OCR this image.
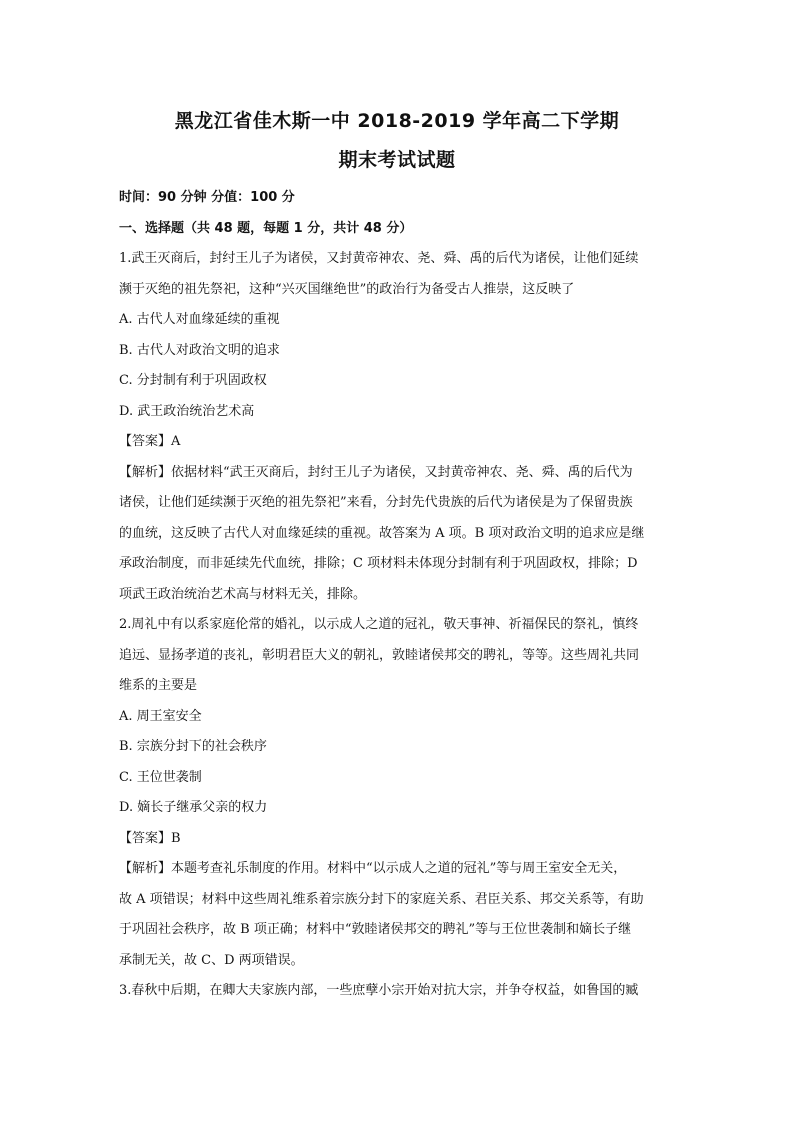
黑龙江省佳木斯一中 2018-2019 学年高二下学期
期末考试试题

时间：90 分钟 分值：100 分

一、选择题（共 48 题，每题 1 分，共计 48 分）

1.武王灭商后，封纣王儿子为诸侯，又封黄帝神农、尧、舜、禹的后代为诸侯，让他们延续

濒于灭绝的祖先祭祀，这种“兴灭国继绝世”的政治行为备受古人推崇，这反映了

A. 古代人对血缘延续的重视

B. 古代人对政治文明的追求

C. 分封制有利于巩固政权

D. 武王政治统治艺术高

【答案】A

【解析】依据材料“武王灭商后，封纣王儿子为诸侯，又封黄帝神农、尧、舜、禹的后代为

诸侯，让他们延续濒于灭绝的祖先祭祀”来看，分封先代贵族的后代为诸侯是为了保留贵族

的血统，这反映了古代人对血缘延续的重视。故答案为 A 项。B 项对政治文明的追求应是继

承政治制度，而非延续先代血统，排除；C 项材料未体现分封制有利于巩固政权，排除；D

项武王政治统治艺术高与材料无关，排除。

2.周礼中有以系家庭伦常的婚礼，以示成人之道的冠礼，敬天事神、祈福保民的祭礼，慎终

追远、显扬孝道的丧礼，彰明君臣大义的朝礼，敦睦诸侯邦交的聘礼，等等。这些周礼共同

维系的主要是

A. 周王室安全

B. 宗族分封下的社会秩序

C. 王位世袭制

D. 嫡长子继承父亲的权力

【答案】B

【解析】本题考查礼乐制度的作用。材料中“以示成人之道的冠礼”等与周王室安全无关，

故 A 项错误；材料中这些周礼维系着宗族分封下的家庭关系、君臣关系、邦交关系等，有助

于巩固社会秩序，故 B 项正确；材料中“敦睦诸侯邦交的聘礼”等与王位世袭制和嫡长子继

承制无关，故 C、D 两项错误。

3.春秋中后期，在卿大夫家族内部，一些庶孽小宗开始对抗大宗，并争夺权益，如鲁国的臧
